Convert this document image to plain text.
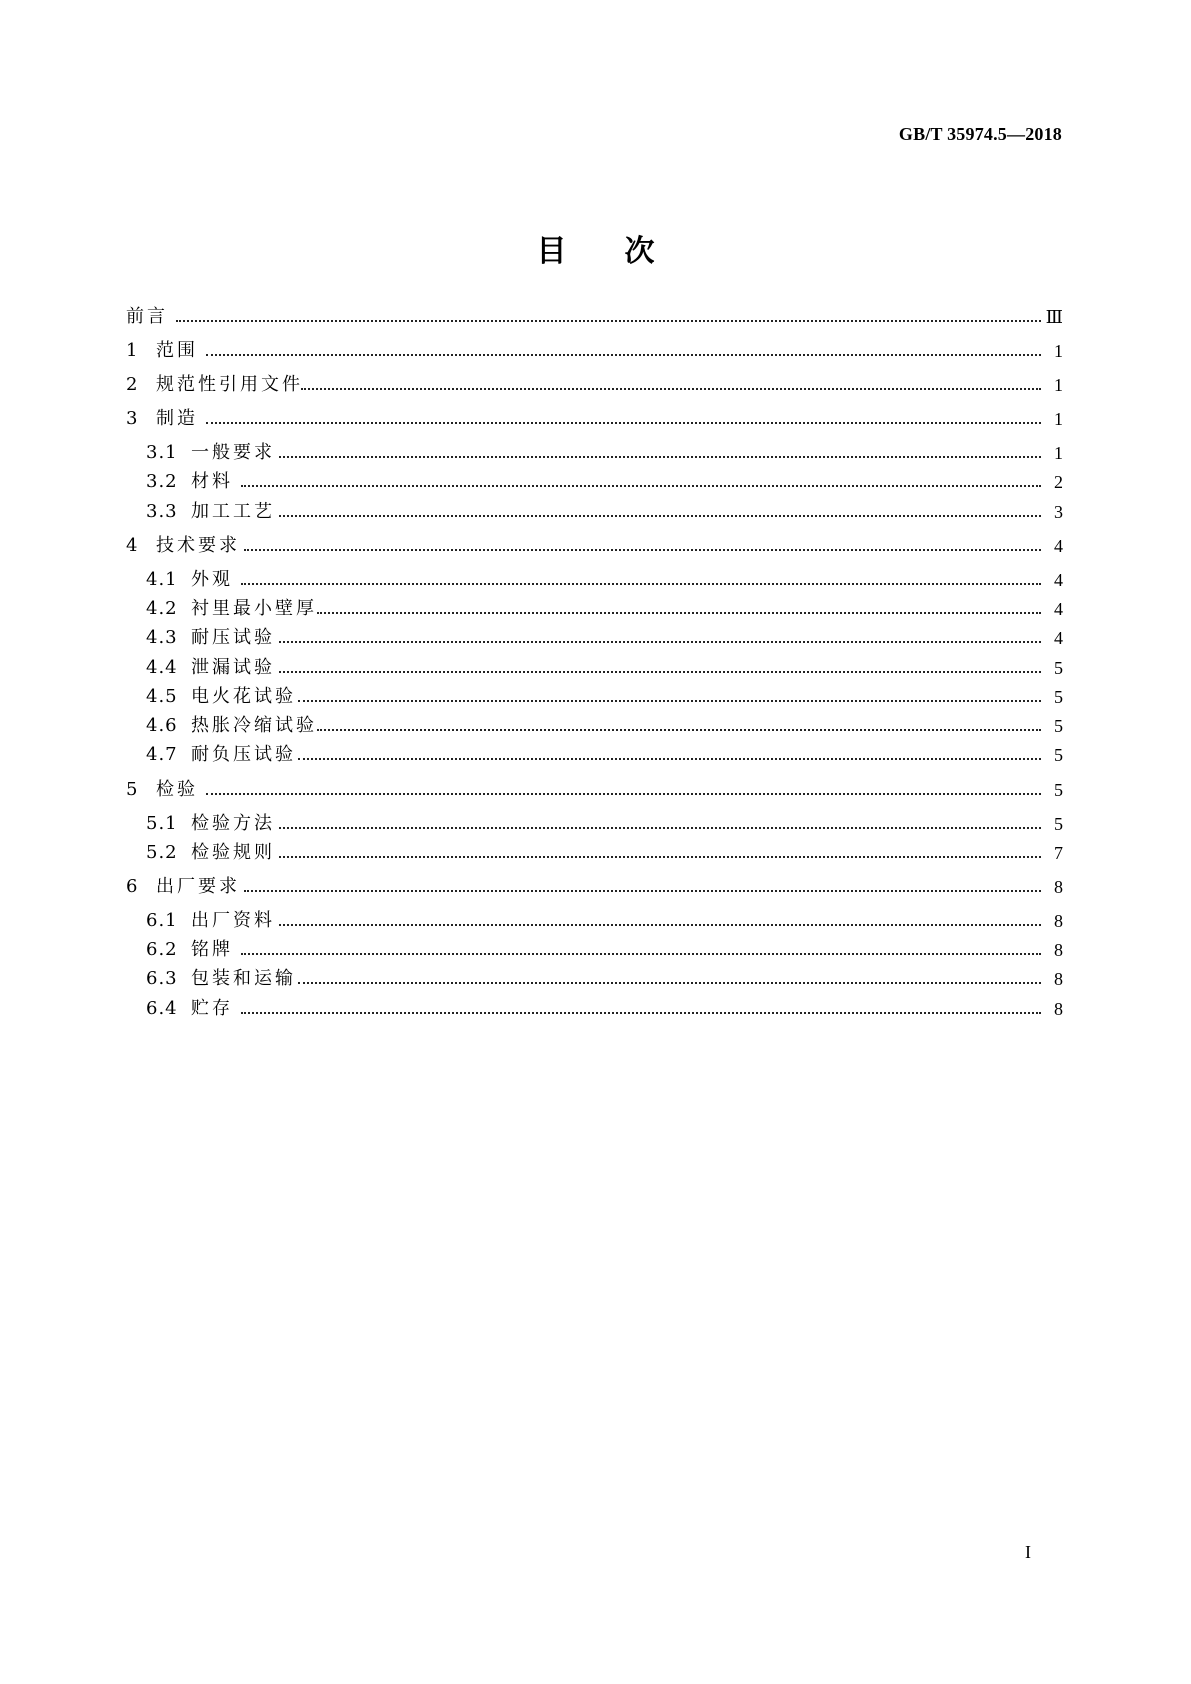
GB/T 35974.5—2018
目次
前言	Ⅲ
1 范围	1
2 规范性引用文件	1
3 制造	1
3.1 一般要求	1
3.2 材料	2
3.3 加工工艺	3
4 技术要求	4
4.1 外观	4
4.2 衬里最小壁厚	4
4.3 耐压试验	4
4.4 泄漏试验	5
4.5 电火花试验	5
4.6 热胀冷缩试验	5
4.7 耐负压试验	5
5 检验	5
5.1 检验方法	5
5.2 检验规则	7
6 出厂要求	8
6.1 出厂资料	8
6.2 铭牌	8
6.3 包装和运输	8
6.4 贮存	8
I
